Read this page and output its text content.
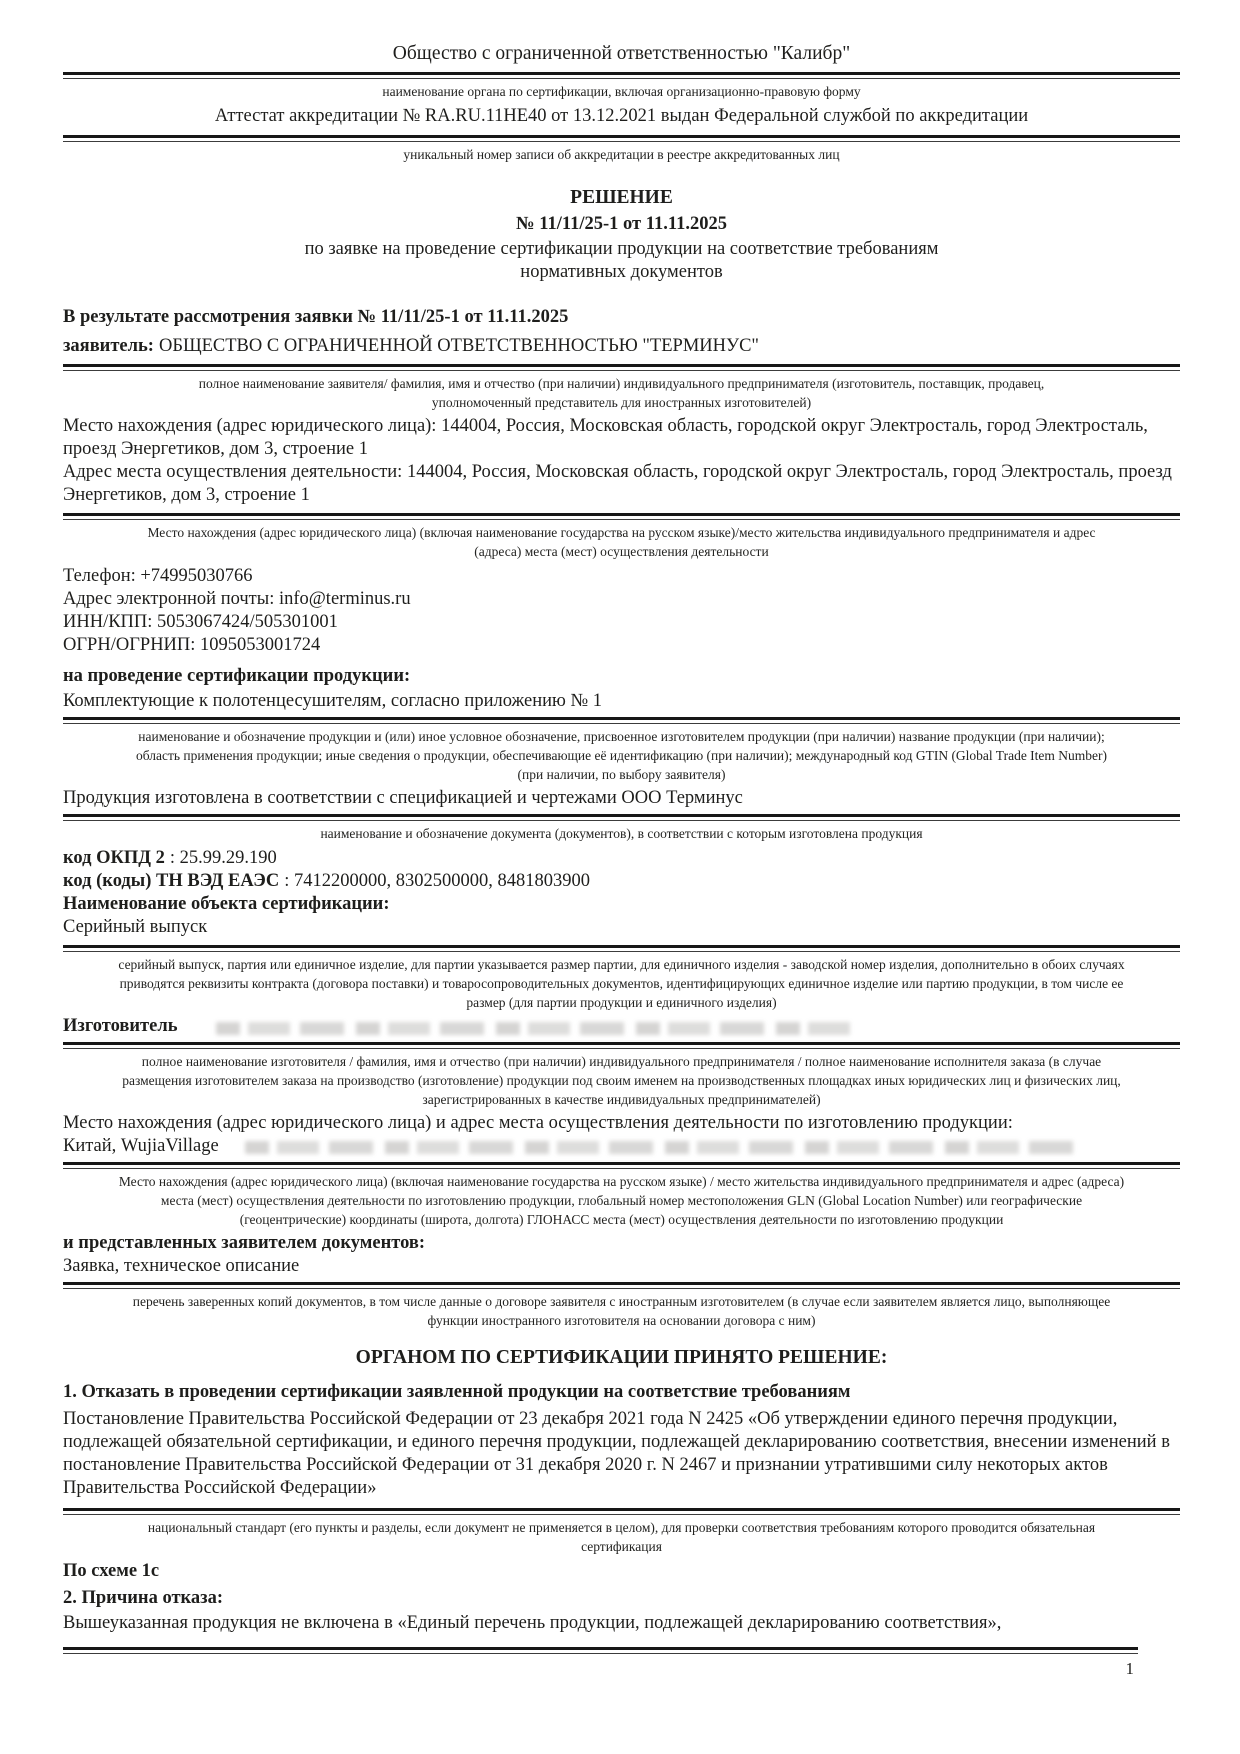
Общество с ограниченной ответственностью "Калибр"

наименование органа по сертификации, включая организационно-правовую форму

Аттестат аккредитации № RA.RU.11НЕ40 от 13.12.2021 выдан Федеральной службой по аккредитации

уникальный номер записи об аккредитации в реестре аккредитованных лиц

РЕШЕНИЕ

№ 11/11/25-1 от 11.11.2025

по заявке на проведение сертификации продукции на соответствие требованиям

нормативных документов

В результате рассмотрения заявки № 11/11/25-1 от 11.11.2025

заявитель: ОБЩЕСТВО С ОГРАНИЧЕННОЙ ОТВЕТСТВЕННОСТЬЮ "ТЕРМИНУС"

полное наименование заявителя/ фамилия, имя и отчество (при наличии) индивидуального предпринимателя (изготовитель, поставщик, продавец, уполномоченный представитель для иностранных изготовителей)

Место нахождения (адрес юридического лица): 144004, Россия, Московская область, городской округ Электросталь, город Электросталь, проезд Энергетиков, дом 3, строение 1

Адрес места осуществления деятельности: 144004, Россия, Московская область, городской округ Электросталь, город Электросталь, проезд Энергетиков, дом 3, строение 1

Место нахождения (адрес юридического лица) (включая наименование государства на русском языке)/место жительства индивидуального предпринимателя и адрес (адреса) места (мест) осуществления деятельности

Телефон: +74995030766

Адрес электронной почты: info@terminus.ru

ИНН/КПП: 5053067424/505301001

ОГРН/ОГРНИП: 1095053001724

на проведение сертификации продукции:

Комплектующие к полотенцесушителям, согласно приложению № 1

наименование и обозначение продукции и (или) иное условное обозначение, присвоенное изготовителем продукции (при наличии) название продукции (при наличии); область применения продукции; иные сведения о продукции, обеспечивающие её идентификацию (при наличии); международный код GTIN (Global Trade Item Number) (при наличии, по выбору заявителя)

Продукция изготовлена в соответствии с спецификацией и чертежами ООО Терминус

наименование и обозначение документа (документов), в соответствии с которым изготовлена продукция

код ОКПД 2 : 25.99.29.190

код (коды) ТН ВЭД ЕАЭС : 7412200000, 8302500000, 8481803900

Наименование объекта сертификации:

Серийный выпуск

серийный выпуск, партия или единичное изделие, для партии указывается размер партии, для единичного изделия - заводской номер изделия, дополнительно в обоих случаях приводятся реквизиты контракта (договора поставки) и товаросопроводительных документов, идентифицирующих единичное изделие или партию продукции, в том числе ее размер (для партии продукции и единичного изделия)

Изготовитель

полное наименование изготовителя / фамилия, имя и отчество (при наличии) индивидуального предпринимателя / полное наименование исполнителя заказа (в случае размещения изготовителем заказа на производство (изготовление) продукции под своим именем на производственных площадках иных юридических лиц и физических лиц, зарегистрированных в качестве индивидуальных предпринимателей)

Место нахождения (адрес юридического лица) и адрес места осуществления деятельности по изготовлению продукции:

Китай, WujiaVillage

Место нахождения (адрес юридического лица) (включая наименование государства на русском языке) / место жительства индивидуального предпринимателя и адрес (адреса) места (мест) осуществления деятельности по изготовлению продукции, глобальный номер местоположения GLN (Global Location Number) или географические (геоцентрические) координаты (широта, долгота) ГЛОНАСС места (мест) осуществления деятельности по изготовлению продукции

и представленных заявителем документов:

Заявка, техническое описание

перечень заверенных копий документов, в том числе данные о договоре заявителя с иностранным изготовителем (в случае если заявителем является лицо, выполняющее функции иностранного изготовителя на основании договора с ним)

ОРГАНОМ ПО СЕРТИФИКАЦИИ ПРИНЯТО РЕШЕНИЕ:

1. Отказать в проведении сертификации заявленной продукции на соответствие требованиям

Постановление Правительства Российской Федерации от 23 декабря 2021 года N 2425 «Об утверждении единого перечня продукции, подлежащей обязательной сертификации, и единого перечня продукции, подлежащей декларированию соответствия, внесении изменений в постановление Правительства Российской Федерации от 31 декабря 2020 г. N 2467 и признании утратившими силу некоторых актов Правительства Российской Федерации»

национальный стандарт (его пункты и разделы, если документ не применяется в целом), для проверки соответствия требованиям которого проводится обязательная сертификация

По схеме 1с

2. Причина отказа:

Вышеуказанная продукция не включена в «Единый перечень продукции, подлежащей декларированию соответствия»,

1
